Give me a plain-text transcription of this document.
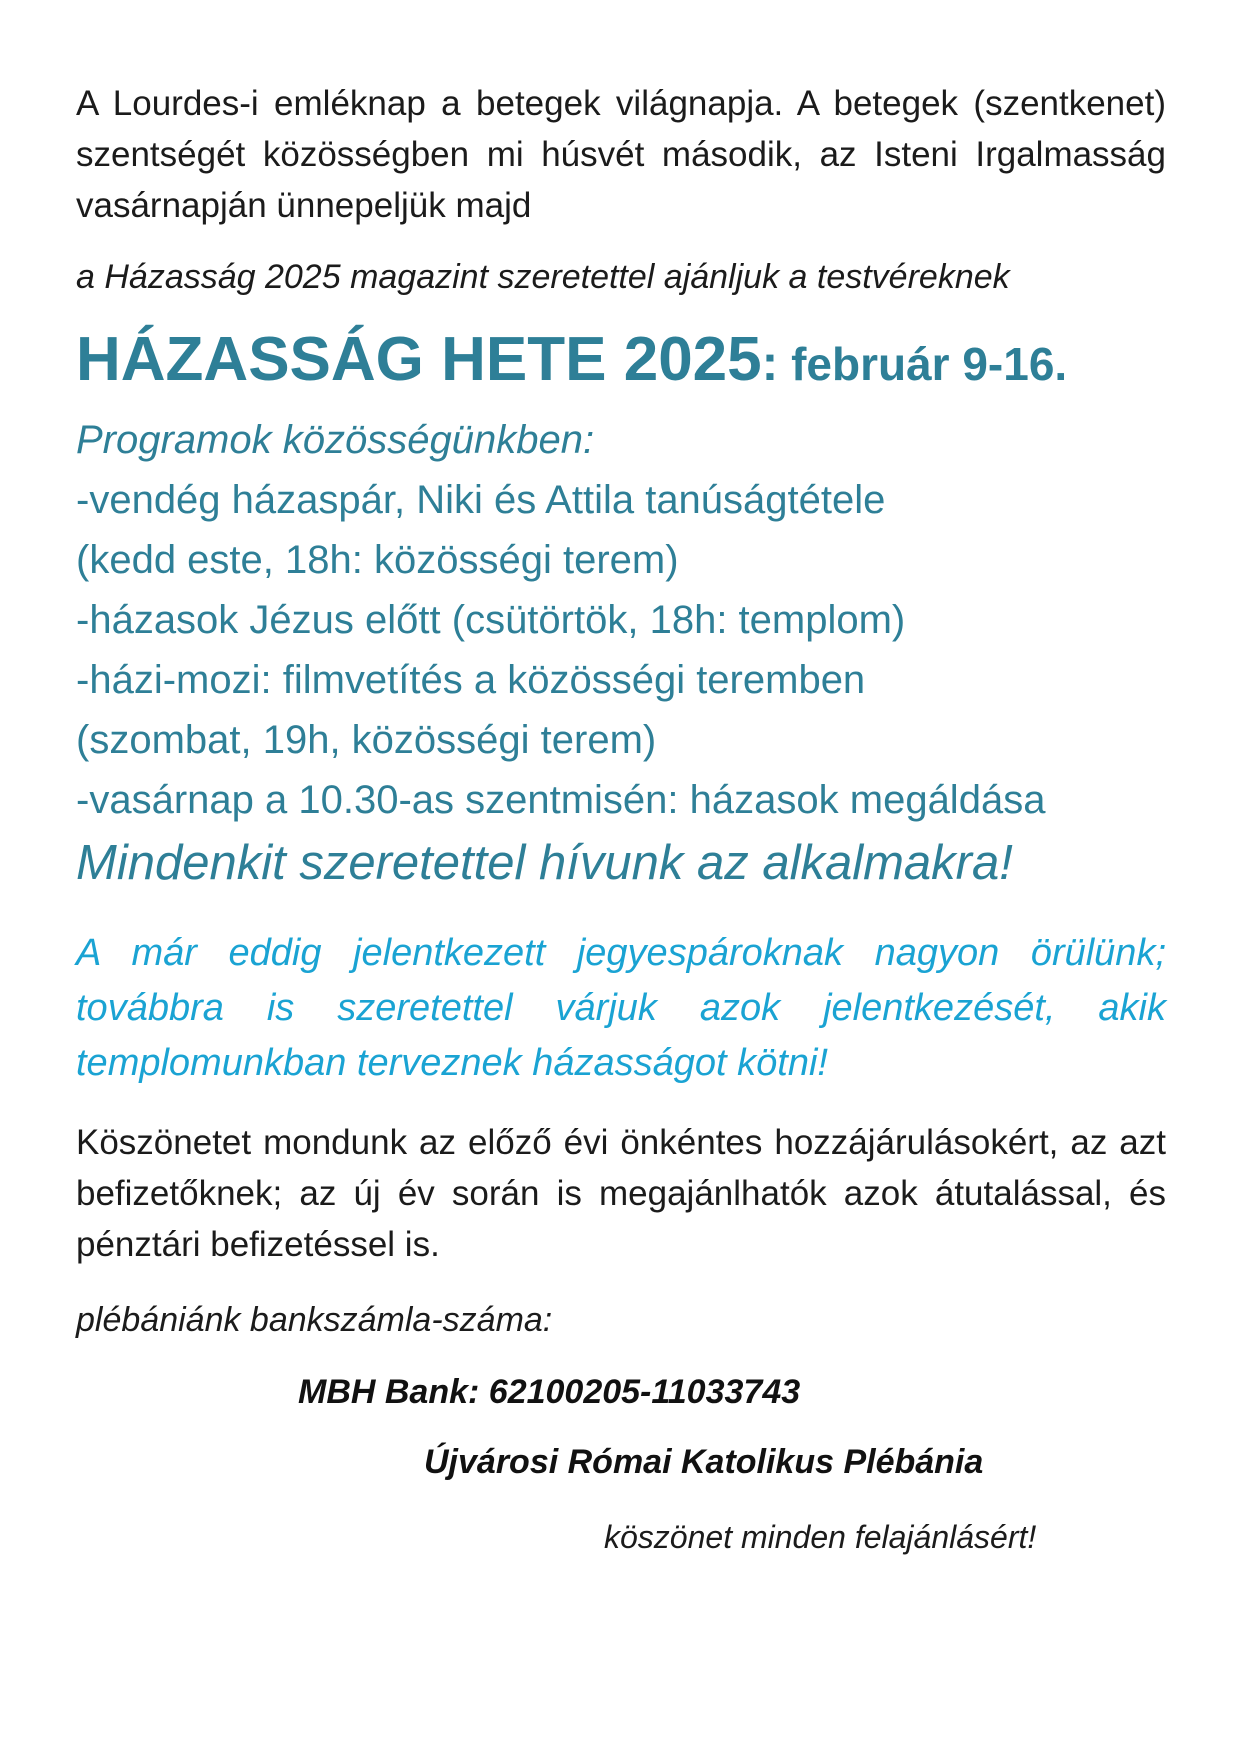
A Lourdes-i emléknap a betegek világnapja. A betegek (szentkenet) szentségét közösségben mi húsvét második, az Isteni Irgalmasság vasárnapján ünnepeljük majd

a Házasság 2025 magazint szeretettel ajánljuk a testvéreknek

HÁZASSÁG HETE 2025: február 9-16.

Programok közösségünkben:

-vendég házaspár, Niki és Attila tanúságtétele
(kedd este, 18h: közösségi terem)
-házasok Jézus előtt (csütörtök, 18h: templom)
-házi-mozi: filmvetítés a közösségi teremben
(szombat, 19h, közösségi terem)
-vasárnap a 10.30-as szentmisén: házasok megáldása

Mindenkit szeretettel hívunk az alkalmakra!

A már eddig jelentkezett jegyespároknak nagyon örülünk; továbbra is szeretettel várjuk azok jelentkezését, akik templomunkban terveznek házasságot kötni!

Köszönetet mondunk az előző évi önkéntes hozzájárulásokért, az azt befizetőknek; az új év során is megajánlhatók azok átutalással, és pénztári befizetéssel is.

plébániánk bankszámla-száma:

MBH Bank: 62100205-11033743

Újvárosi Római Katolikus Plébánia

köszönet minden felajánlásért!
